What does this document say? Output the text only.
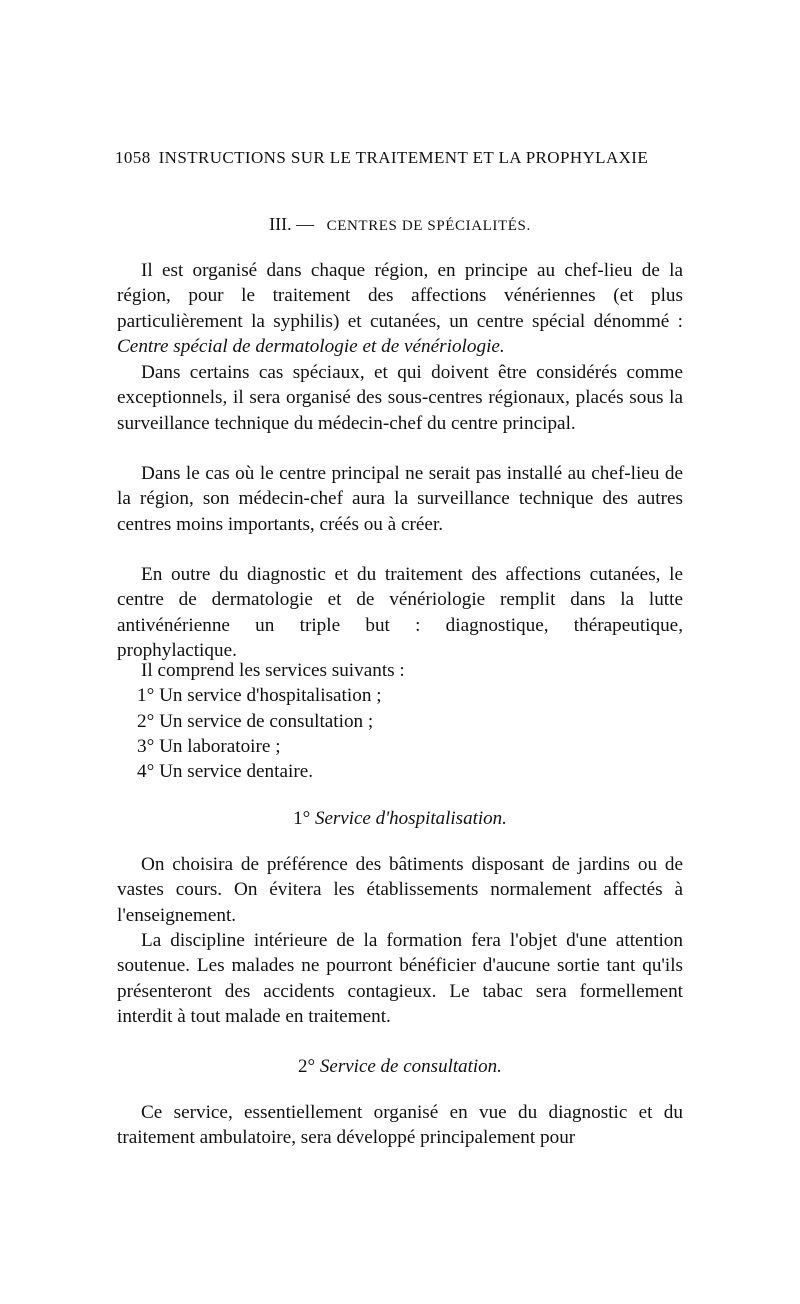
1058 INSTRUCTIONS SUR LE TRAITEMENT ET LA PROPHYLAXIE
III. — CENTRES DE SPÉCIALITÉS.
Il est organisé dans chaque région, en principe au chef-lieu de la région, pour le traitement des affections vénériennes (et plus particulièrement la syphilis) et cutanées, un centre spécial dénommé : Centre spécial de dermatologie et de vénériologie.
Dans certains cas spéciaux, et qui doivent être considérés comme exceptionnels, il sera organisé des sous-centres régionaux, placés sous la surveillance technique du médecin-chef du centre principal.
Dans le cas où le centre principal ne serait pas installé au chef-lieu de la région, son médecin-chef aura la surveillance technique des autres centres moins importants, créés ou à créer.
En outre du diagnostic et du traitement des affections cutanées, le centre de dermatologie et de vénériologie remplit dans la lutte antivénérienne un triple but : diagnostique, thérapeutique, prophylactique.
Il comprend les services suivants :
1° Un service d'hospitalisation ;
2° Un service de consultation ;
3° Un laboratoire ;
4° Un service dentaire.
1° Service d'hospitalisation.
On choisira de préférence des bâtiments disposant de jardins ou de vastes cours. On évitera les établissements normalement affectés à l'enseignement.
La discipline intérieure de la formation fera l'objet d'une attention soutenue. Les malades ne pourront bénéficier d'aucune sortie tant qu'ils présenteront des accidents contagieux. Le tabac sera formellement interdit à tout malade en traitement.
2° Service de consultation.
Ce service, essentiellement organisé en vue du diagnostic et du traitement ambulatoire, sera développé principalement pour
